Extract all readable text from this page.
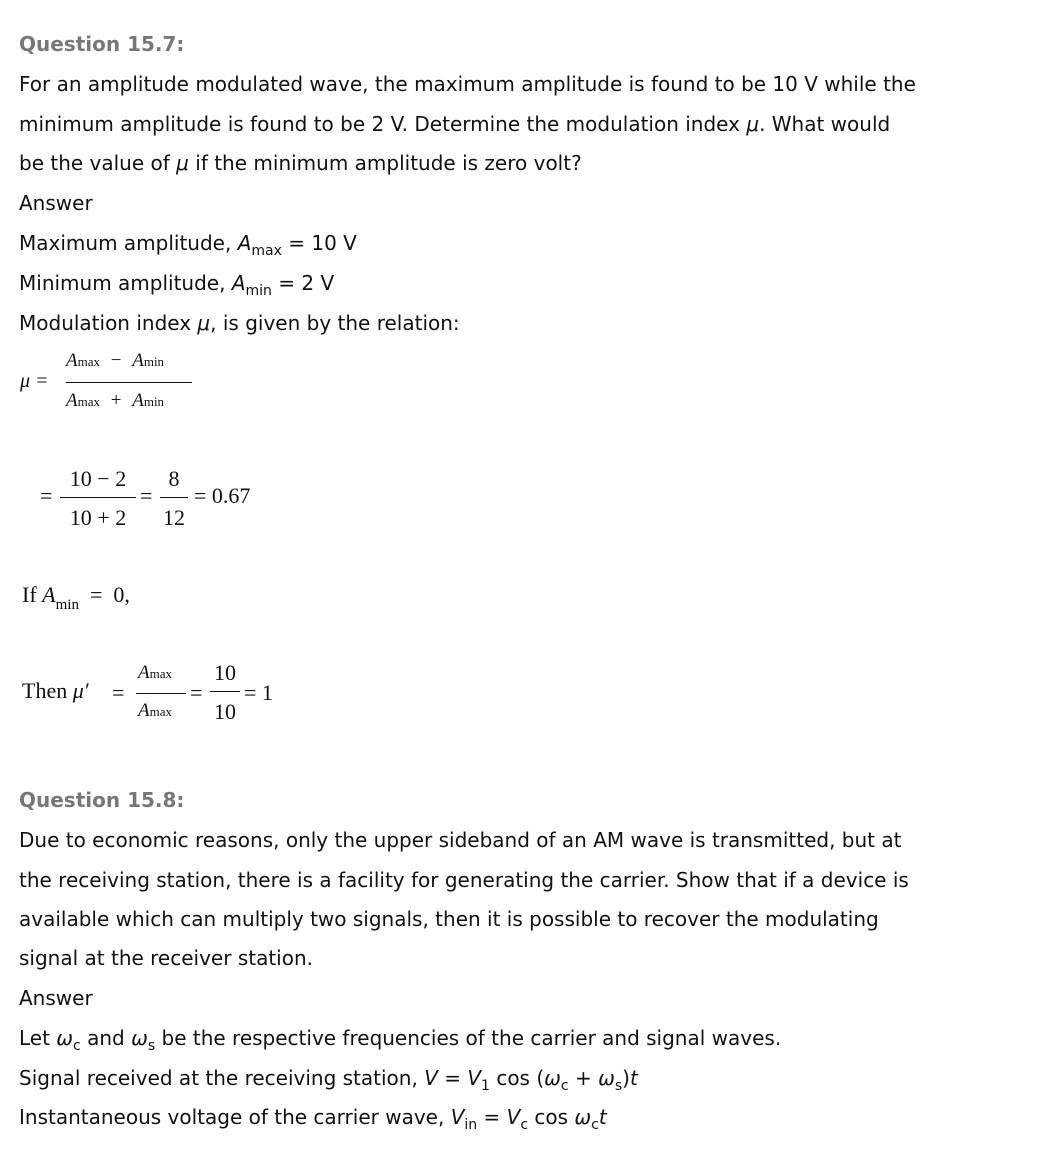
Question 15.7:
For an amplitude modulated wave, the maximum amplitude is found to be 10 V while the
minimum amplitude is found to be 2 V. Determine the modulation index μ. What would
be the value of μ if the minimum amplitude is zero volt?
Answer
Maximum amplitude, $A_{max} = 10$ V
Minimum amplitude, $A_{min} = 2$ V
Modulation index μ, is given by the relation:
μ =
Amax − Amin
Amax + Amin
=
10 − 2
10 + 2
=
8
12
= 0.67
If $A_{min} = 0$,
Then μ′ =
Amax
Amax
=
10
10
= 1
Question 15.8:
Due to economic reasons, only the upper sideband of an AM wave is transmitted, but at
the receiving station, there is a facility for generating the carrier. Show that if a device is
available which can multiply two signals, then it is possible to recover the modulating
signal at the receiver station.
Answer
Let $\omega_c$ and $\omega_s$ be the respective frequencies of the carrier and signal waves.
Signal received at the receiving station, $V = V_1$ $\cos (\omega_c + \omega_s)t$
Instantaneous voltage of the carrier wave, $V_{in} = V_c$ $\cos \omega_ct$
